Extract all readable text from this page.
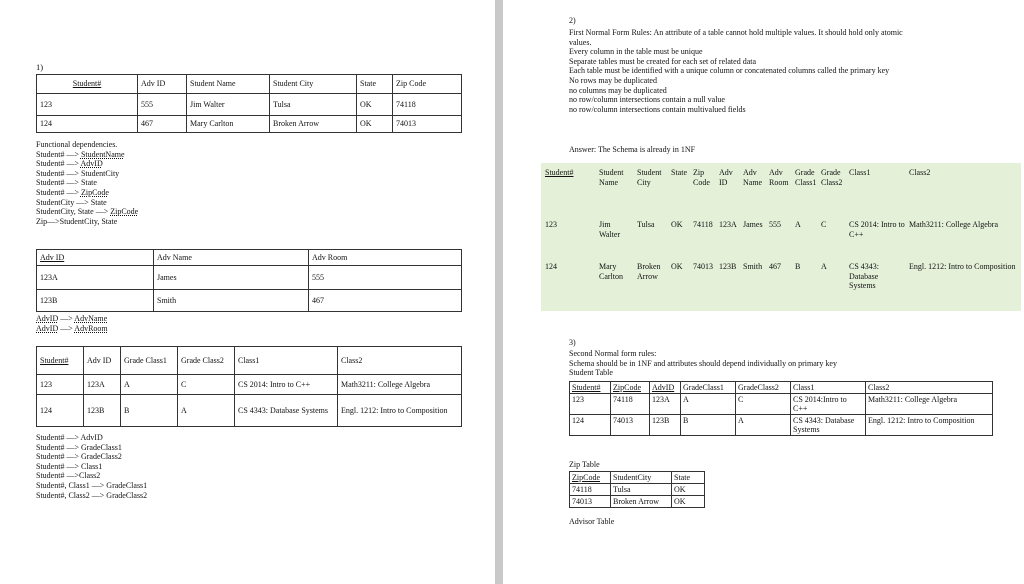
1)
Student#	Adv ID	Student Name	Student City	State	Zip Code
123	555	Jim Walter	Tulsa	OK	74118
124	467	Mary Carlton	Broken Arrow	OK	74013
Functional dependencies.
Student# —> StudentName
Student# —> AdvID
Student# —> StudentCity
Student# —> State
Student# —> ZipCode
StudentCity —> State
StudentCity, State —> ZipCode
Zip—>StudentCity, State
Adv ID	Adv Name	Adv Room
123A	James	555
123B	Smith	467
AdvID —> AdvName
AdvID —> AdvRoom
Student#	Adv ID	Grade Class1	Grade Class2	Class1	Class2
123	123A	A	C	CS 2014: Intro to C++	Math3211: College Algebra
124	123B	B	A	CS 4343: Database Systems	Engl. 1212: Intro to Composition
Student# —> AdvID
Student# —> GradeClass1
Student# —> GradeClass2
Student# —> Class1
Student# —>Class2
Student#, Class1 —> GradeClass1
Student#, Class2 —> GradeClass2
2)
First Normal Form Rules: An attribute of a table cannot hold multiple values. It should hold only atomic
values.
Every column in the table must be unique
Separate tables must be created for each set of related data
Each table must be identified with a unique column or concatenated columns called the primary key
No rows may be duplicated
no columns may be duplicated
no row/column intersections contain a null value
no row/column intersections contain multivalued fields
Answer: The Schema is already in 1NF
Student#	Student Name	Student City	State	Zip Code	Adv ID	Adv Name	Adv Room	Grade Class1	Grade Class2	Class1	Class2
123	Jim Walter	Tulsa	OK	74118	123A	James	555	A	C	CS 2014: Intro to C++	Math3211: College Algebra
124	Mary Carlton	Broken Arrow	OK	74013	123B	Smith	467	B	A	CS 4343: Database Systems	Engl. 1212: Intro to Composition
3)
Second Normal form rules:
Schema should be in 1NF and attributes should depend individually on primary key
Student Table
Student#	ZipCode	AdvID	GradeClass1	GradeClass2	Class1	Class2
123	74118	123A	A	C	CS 2014:Intro to C++	Math3211: College Algebra
124	74013	123B	B	A	CS 4343: Database Systems	Engl. 1212: Intro to Composition
Zip Table
ZipCode	StudentCity	State
74118	Tulsa	OK
74013	Broken Arrow	OK
Advisor Table
